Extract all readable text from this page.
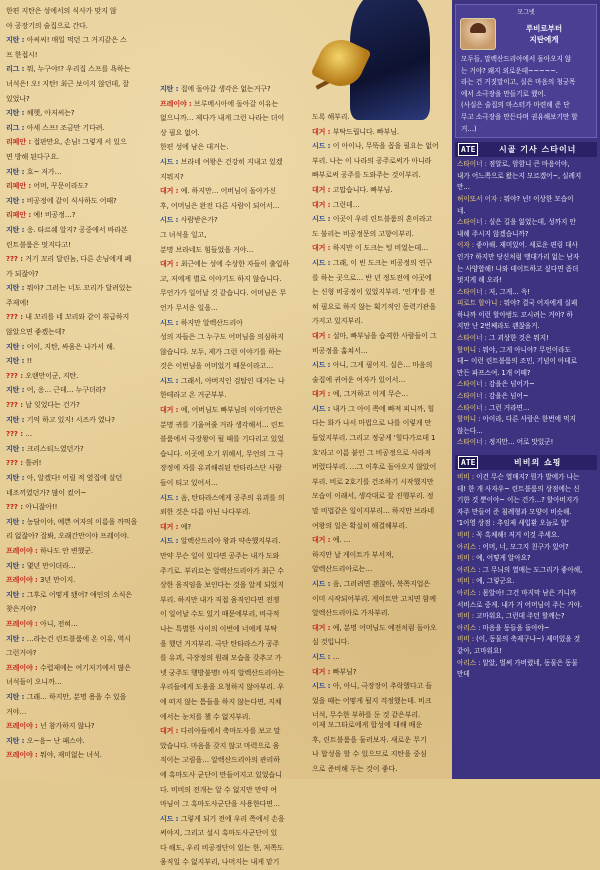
한편 지탄은 성에서의 식사가 맞지 않

아 공장기의 술집으로 간다.

지탄 : 아씨씨! 매일 먹던 그 거지같은 스

프 한접시!

리그 : 뭐, 누구야!? 우리집 스프를 욕하는

녀석은! 오! 지탄! 최근 보이지 않던데, 잘

있었나?

지탄 : 헤헷, 아저씨는?

리그 : 아세 스프! 조금만 기다려.

리페안 : 접판만요, 손님! 그렇게 서 있으

면 방해 된다구요.

지탄 : 호~ 저가…

리페안 : 어머, 꾸문이라도?

지탄 : 비공정에 같이 식사하도 어때?

리페안 : 예! 비공정…?

지탄 : 응. 타르쉐 알지? 공중에서 바라본

린트블룸은 멋지다고!

??? : 거기 꼬리 달린놈, 다른 손님에게 폐

가 되잖아?

지탄 : 뭐야? 그러는 너도 꼬리가 달려있는

주제에!

??? : 내 꼬리를 네 꼬리와 같이 취급하지

않았으면 좋겠는데?

지탄 : 어이, 지탄, 싸움은 나가서 해.

지탄 : !!

??? : 오랜만이군, 지탄.

지탄 : 어, 응… 근데… 누구더라?

??? : 날 잊었다는 건가?

지탄 : 기억 하고 있지! 시즈카 였나?

??? : …

지탄 : 크리스티느였던가?

??? : 틀려!

지탄 : 아, 알겠다! 어릴 적 옆집에 살던

네조끼였던가? 많이 컸어~

??? : 아니잖아!!

지탄 : 농담이야, 예쁜 여자의 이름을 까먹을

리 없잖아? 잘봐, 오래간만이야 프레이야.

프레이야 : 하나도 안 변했군.

지탄 : 몇년 만이더라…

프레이야 : 3년 만이지.

지탄 : 그후로 어떻게 됐어? 애인의 소식은

찾은거야?

프레이야 : 아니, 전혀…

지탄 : …라는건 린트블룸에 온 이유, 역시

그런거야?

프레이야 : 수렵제에는 여기저기에서 많은

녀석들이 오니까…

지탄 : 그래… 하지만, 분명 용을 수 있을

거야…

프레이야 : 넌 참가하지 않나?

지탄 : 오~음~ 난 패스야.

프레이야 : 뭐야, 재미없는 녀석.

지탄 : 집에 돌아갈 생각은 없는거구?

프레이야 : 브루메시아에 돌아갈 이유는

없으니까… 제다가 내게 그런 나라는 더이

상 필요 없어.

한편 성에 남은 대거는.

시드 : 브라네 여왕은 건강히 지내고 있겠

지뭐지?

대거 : 예. 하지만… 어버님이 돌아가신

후, 어머님은 완전 다른 사람이 되어서…

시드 : 사람받은가?

그 녀석을 일고,

분명 브라네도 힘들었을 거야…

대거 : 최근에는 성에 수상한 자들이 출입하

고, 저에게 별로 이야기도 하지 않습니다.

무언가가 일어날 것 같습니다. 어머님은 무

언가 무서운 일을…

시드 : 하지만 알렉산드리아

성의 자들은 그 누구도 어머님을 의심하지

않습니다. 모두, 제가 그런 이야기를 하는

것은 이번님을 어머었기 때문이라고…

시드 : 그래서, 아버지인 검탑인 대거는 나

한테라고 온 거군부부.

대거 : 예, 어버님도 빠부님의 이야기만은

분명 귀를 기울여줄 거라 생각해서… 린트

블룸에서 극장왕이 될 때를 기다리고 있었

습니다. 이곳에 오기 위해서, 무언의 그 극

장정에 자를 유괴해줘된 탄타라스단 사람

들이 티고 있어서…

시드 : 음, 탄타라스에게 공주의 유괴를 의

뢰한 것은 다름 아닌 나다부리.

대거 : 예?

시드 : 알렉산드리아 왕과 약속했지부리.

만약 무슨 일이 있다면 공주는 내가 도와

주기로. 부리르는 알렉산드리아가 최근 수

상한 움직임을 보인다는 것을 알게 되었지

부리. 하지만 내가 직접 움직인다면 전쟁

이 일어날 수도 있기 때문에부리, 비극적

나는 특별한 사이의 이번에 너에게 부탁

을 했던 거지부리. 극단 탄타라스가 공주

를 유괴, 극장정의 원래 모습을 갖추고 가

넷 궁주도 행방불명! 아직 알렉산드리아는

우리들에게 도움을 요청하지 않아부리. 우

에 떠지 않는 틈들을 하지 않는다면, 지체

에서는 눈치를 챌 수 없지부리.

대거 : 다리아들에서 축마도사를 보고 말

았습니다. 마음을 갖지 않고 마력으로 움

직이는 고림을… 알렉산드리아의 관리하

에 흑마도사 군단이 만들어지고 있었습니

다. 비비의 전개는 알 수 없지만 만약 여

마님이 그 흑마도사군단을 사용한다면…

시드 : 그렇게 되기 전에 우리 쪽에서 손을

써야지, 그리고 설시 흑마도사군단이 있

다 해도, 우리 비공정단이 있는 한, 저쪽도

움직일 수 없지부리, 나머지는 내게 맡기

도록 해부리.

대거 : 부탁드립니다. 빠부님.

시드 : 이 아이나, 무뚝을 꼽을 필요는 없어

부리. 나는 이 나라의 공주로써가 아니라

빠부로써 공주를 도와주는 것이부리.

대거 : 고맙습니다. 빠부님.

대거 : 그런데…

시드 : 이곳이 우리 린트블룸의 혼이라고

도 불리는 비공정문의 고향이부리.

대거 : 하지만 이 도크는 텅 비었는데…

시드 : 그래, 이 빈 도크는 비공정의 연구

를 하는 곳으로… 반 년 정도전에 이곳에

는 신형 비공정이 있었지부리. '인개'를 전

혀 필요로 하지 않는 획기적인 동력기관을

가지고 있지부리.

대거 : 설마, 빠부님을 습격한 사람들이 그

비공정을 훔쳐서…

시드 : 아니, 그게 필어지. 실은… 마음의

술집에 귀여운 여자가 있어서…

대거 : 예, 그거하고 이게 무슨…

시드 : 내가 그 아이 쪽에 빠져 피니까, 힐

다는 화가 나서 마법으로 나를 이렇게 만

들었지부리. 그리고 정궁게 '힐다가르데 1

호'라고 이름 붙인 그 비공정으로 사라져

버렸다부리. …그 이후로 돌아오지 않았어

부리. 비로 2호기를 건조하기 시작했지만

모습이 이래서, 생각대로 잘 진행부리. 정

말 비법같은 일이지부리… 하지만 브라네

여왕의 일은 확실히 해결해부리.

대거 : 예. …

하지만 날 게이트가 부서져,

알렉산드리아로는…

시드 : 음, 그러려면 괜찮아, 북쪽지업은

이미 시작되어부리. 게이트만 고치면 함께

알렉산드리아로 가자부리.

대거 : 예, 분명 어머님도 예전처럼 돌아오

실 것입니다.

시드 : …

대거 : 빠부님?

시드 : 아, 아니, 극장장이 추락했다고 들

었을 때는 어떻게 될지 걱정했는데. 비크

너석, 무수한 부하를 둔 것 같은부리.

이제 모그타로에게 합성에 대해 배운

후, 린트블룸을 둘러보자. 새로운 무기

나 합성을 할 수 있으므로 지탄을 중심

으로 준비해 두는 것이 좋다.

모그넷
루비로부터
지탄에게

모두들, 말렉산드리아에서 돌아오지 않

는 거야? 왜지 외로운데~~~~~.

라는 건 거짓말이고, 실은 마음의 청궁목

에서 소극장을 만들기로 했어.

(사실은 술집의 마스터가 마련해 준 단

무고 소극장을 만든다며 권유해보기만 할

거…)

ATE	시골 기사 스타이너

스타이너 : 점알로, 암함니 큰 마음이야,

내가 어느쪽으로 왔는지 모르겠어~, 실례지

만…

허이또서 어자 : 뭐야? 넌! 이상한 모습이

네.

스타이너 : 실은 길을 잃었는데, 성까지 안

내해 주시지 않겠습니까?

이자 : 좋아해. 재미있어. 새로운 편링 대사

인가? 하지만 당신처럼 맹대가리 없는 남자

는 사양합해! 나와 데이트하고 싶다면 좀더

멋지게 해 오라!

스타이너 : 저, 그게… 윽!

피로트 할아니 : 뭐야? 결국 어자에게 실패

하나까 이런 할아범도 꼬시려는 거야? 하

지만 난 2번째라도 괜찮을거.

스타이너 : 그 괴상한 것은 뭐지!

할머니 : 뭐야, 그게 아니야? 무언이라도

데~ 이런 린트블룸의 조민, 기념이 아데로

만든 파프스여. 1개 어때?

스타이너 : 감을은 넘어가~

스타이너 : 감을은 넘어~

스타이너 : 그런 거라면…

할머니 : 아이라, 다른 사람은 한번에 먹지

않는다…

스타이너 : 정지만… 어로 맛있군!

ATE	비비의 쇼핑

비비 : 이건 무슨 열매지? 뭔가 발에가 나는

데! 한 개 사자우~ 린트블룸의 상점에는 신

기한 것 뿐이야~ 이는 건가…? 할아버지가

자주 만들어 준 침례형과 모양이 비슷해.

'1이영 상점 : 추임제 새입환 오늘로 할'

비비 : 꼭 흑체해! 저거 이것 주세요.

아리스 : 어머, 너, 모그지 친구가 있어?

비비 : 예, 어떻게 알아요?

아리스 : 그 무늬의 열매는 도그리가 좋아해,

비비 : 예, 그렇군요.

아리스 : 몸알아! 그건 마지막 남은 거니까

서비스로 중게. 내가 거 어머님이 주는 거야.

비비 : 고마워요, 그런데 주던 할깨는?

아리스 : 마음을 동들을 돌아야~

비비 : (이, 동물의 축제구나~) 제미있을 것

같아, 고마워요!

아리스 : 알았, 벌써 가버렸네, 동물은 동물

만데
